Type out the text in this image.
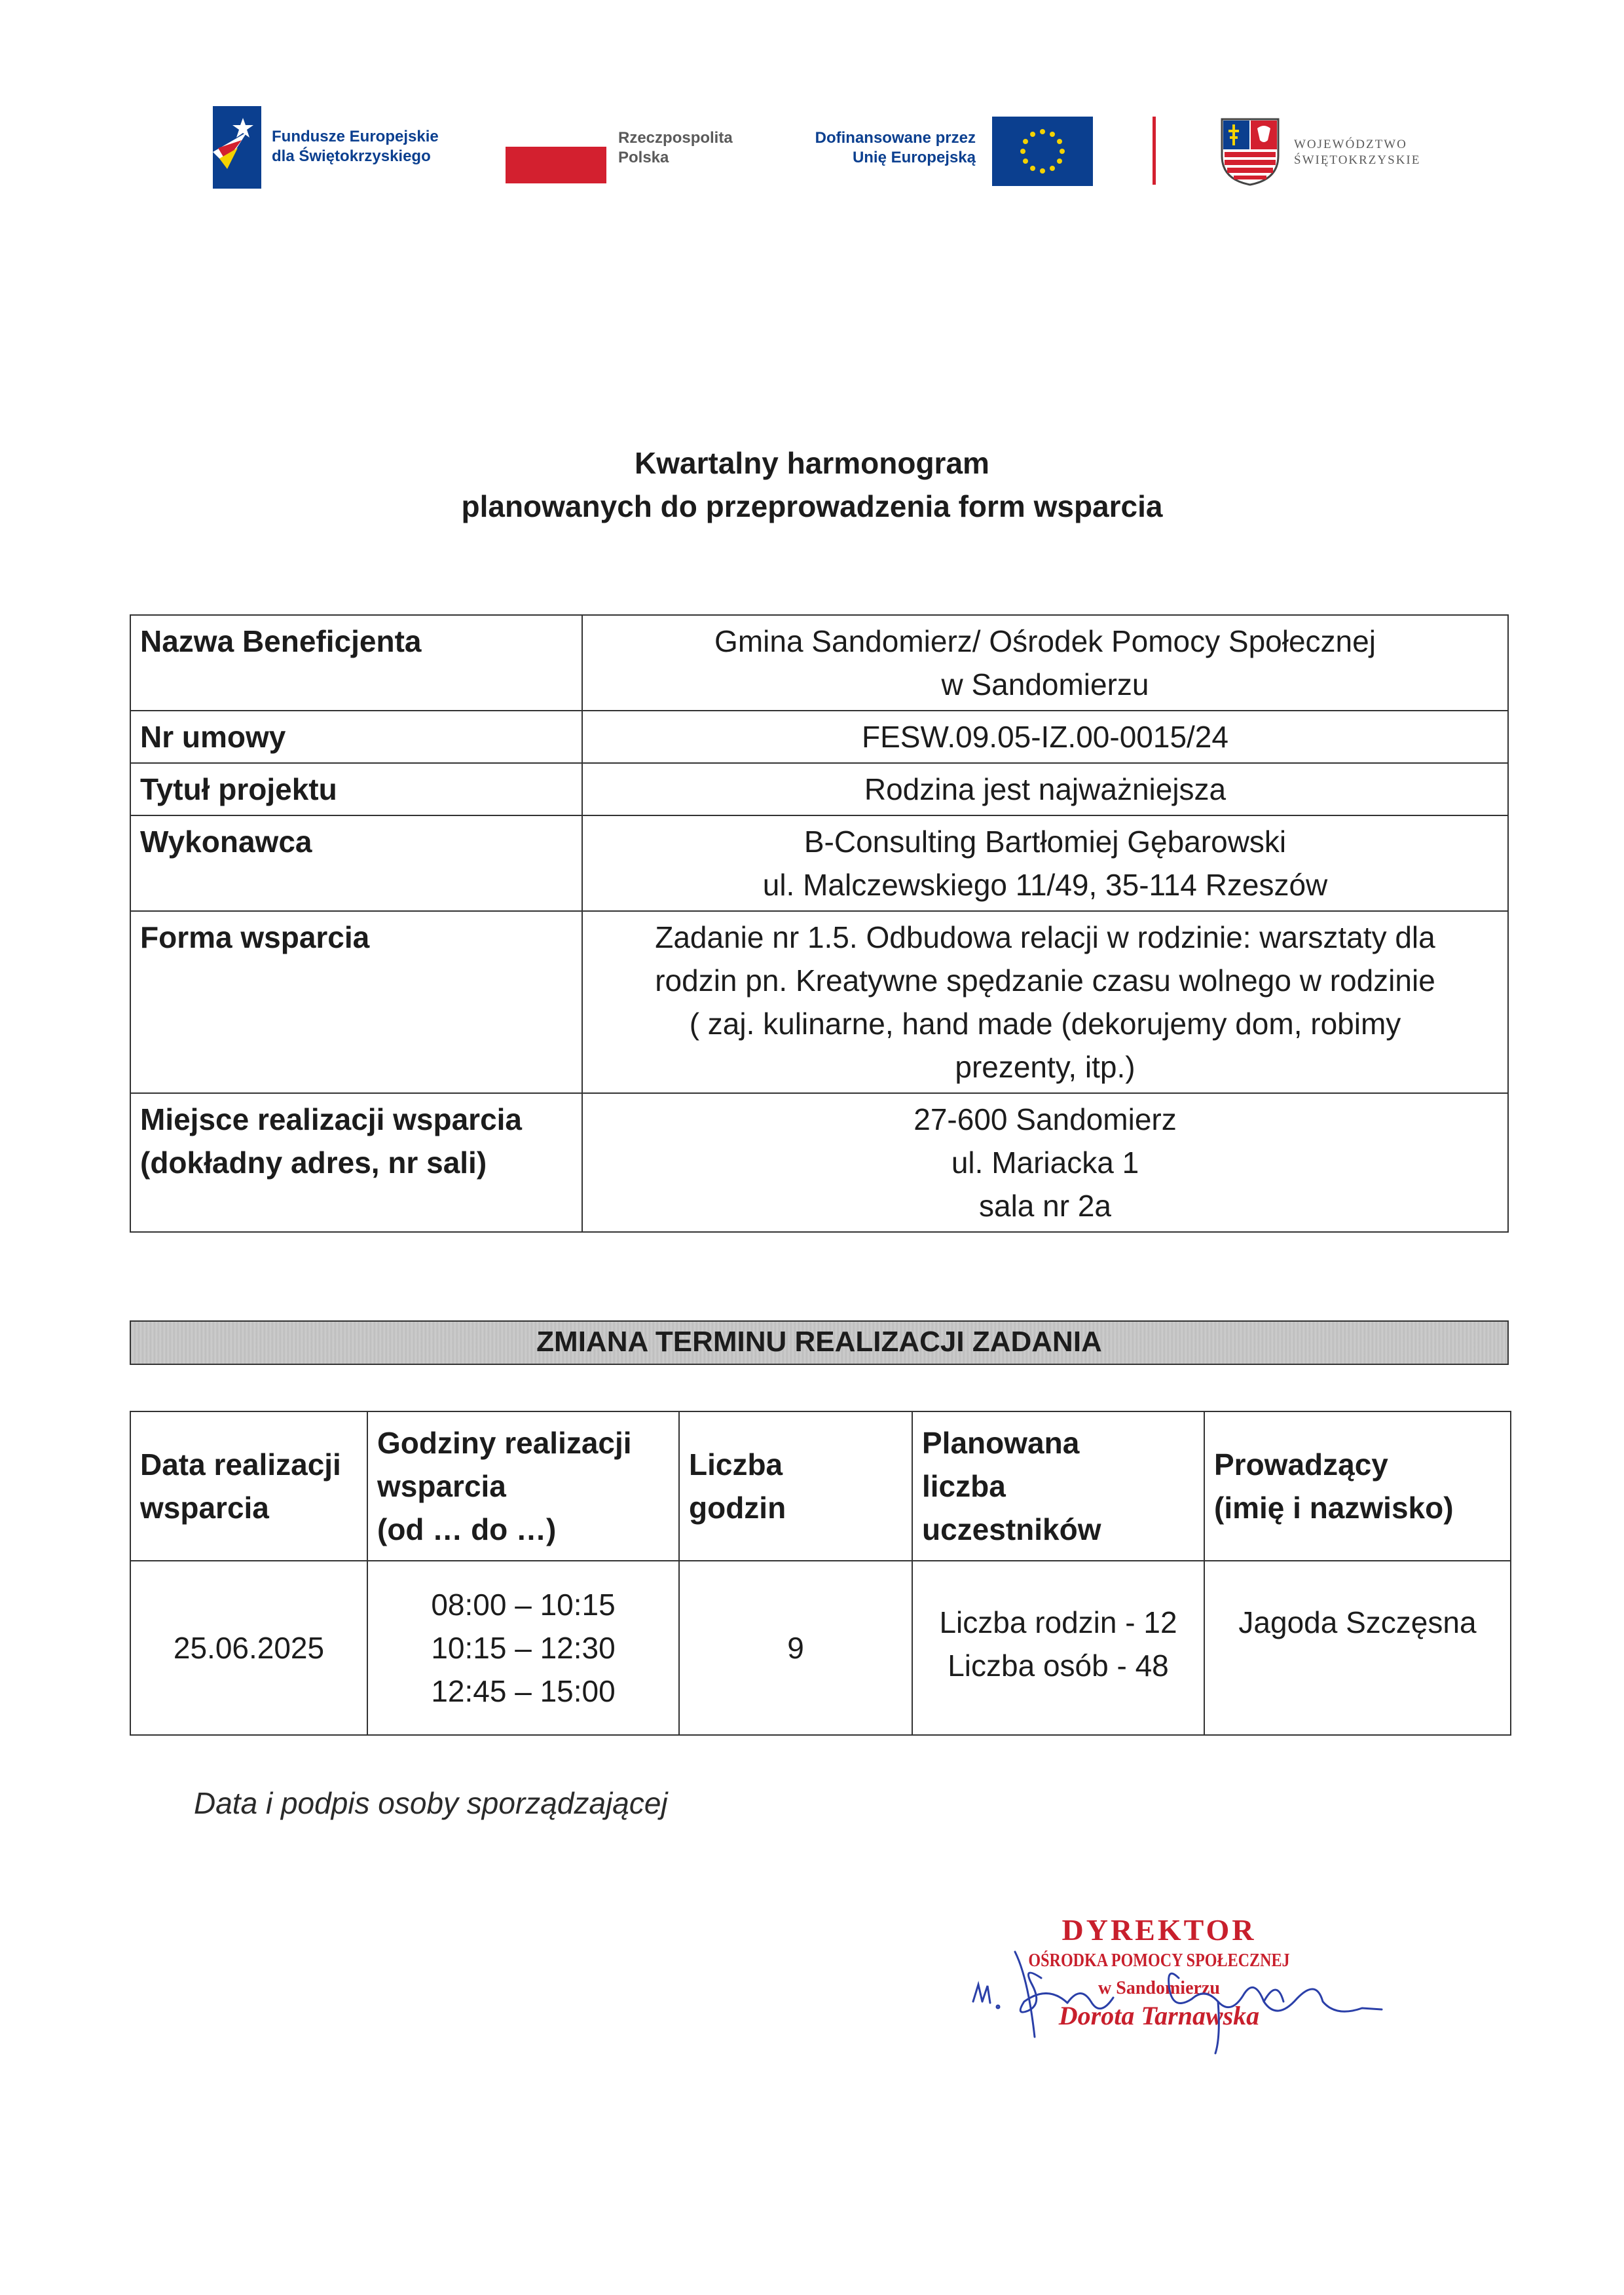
Fundusze Europejskie
dla Świętokrzyskiego
Rzeczpospolita
Polska
Dofinansowane przez
Unię Europejską
WOJEWÓDZTWO
ŚWIĘTOKRZYSKIE
Kwartalny harmonogram
planowanych do przeprowadzenia form wsparcia
Nazwa Beneficjenta	Gmina Sandomierz/ Ośrodek Pomocy Społecznej
w Sandomierzu

Nr umowy	FESW.09.05-IZ.00-0015/24

Tytuł projektu	Rodzina jest najważniejsza

Wykonawca	B-Consulting Bartłomiej Gębarowski
ul. Malczewskiego 11/49, 35-114 Rzeszów

Forma wsparcia	Zadanie nr 1.5. Odbudowa relacji w rodzinie: warsztaty dla
rodzin pn. Kreatywne spędzanie czasu wolnego w rodzinie
( zaj. kulinarne, hand made (dekorujemy dom, robimy
prezenty, itp.)

Miejsce realizacji wsparcia
(dokładny adres, nr sali)	27-600 Sandomierz
ul. Mariacka 1
sala nr 2a
ZMIANA TERMINU REALIZACJI ZADANIA
Data realizacji
wsparcia	Godziny realizacji
wsparcia
(od … do …)	Liczba
godzin	Planowana
liczba
uczestników	Prowadzący
(imię i nazwisko)

25.06.2025	08:00 – 10:15
10:15 – 12:30
12:45 – 15:00	9	Liczba rodzin - 12
Liczba osób - 48	Jagoda Szczęsna
Data i podpis osoby sporządzającej
DYREKTOR
OŚRODKA POMOCY SPOŁECZNEJ
w Sandomierzu
Dorota Tarnawska
